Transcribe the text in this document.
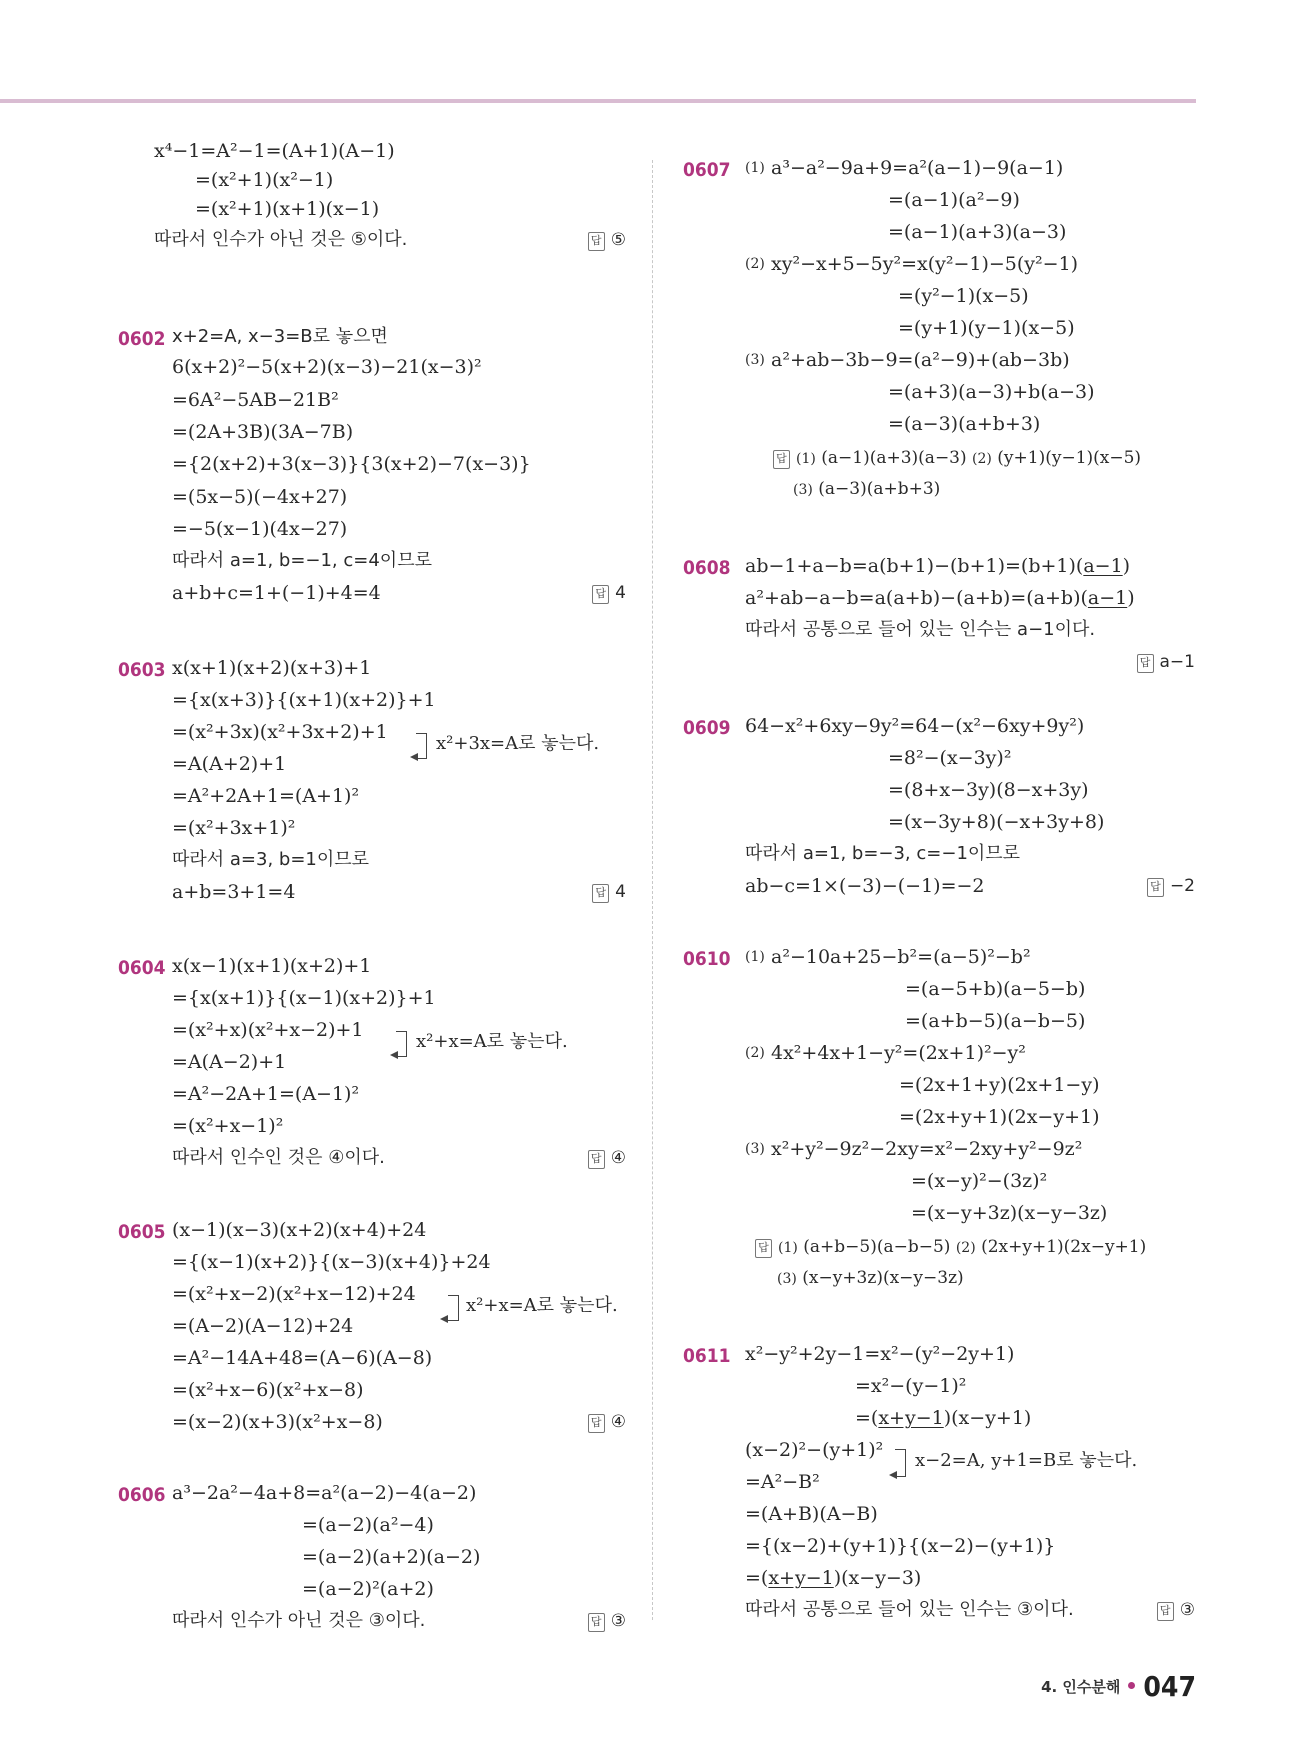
x⁴−1=A²−1=(A+1)(A−1)
=(x²+1)(x²−1)
=(x²+1)(x+1)(x−1)
따라서 인수가 아닌 것은 ⑤이다.	답 ⑤
0602 x+2=A, x−3=B로 놓으면
6(x+2)²−5(x+2)(x−3)−21(x−3)²
=6A²−5AB−21B²
=(2A+3B)(3A−7B)
={2(x+2)+3(x−3)}{3(x+2)−7(x−3)}
=(5x−5)(−4x+27)
=−5(x−1)(4x−27)
따라서 a=1, b=−1, c=4이므로
a+b+c=1+(−1)+4=4	답 4
0603 x(x+1)(x+2)(x+3)+1
={x(x+3)}{(x+1)(x+2)}+1
=(x²+3x)(x²+3x+2)+1
=A(A+2)+1
=A²+2A+1=(A+1)²
=(x²+3x+1)²
따라서 a=3, b=1이므로
a+b=3+1=4
x²+3x=A로 놓는다.
답 4
0604 x(x−1)(x+1)(x+2)+1
={x(x+1)}{(x−1)(x+2)}+1
=(x²+x)(x²+x−2)+1
=A(A−2)+1
=A²−2A+1=(A−1)²
=(x²+x−1)²
따라서 인수인 것은 ④이다.
x²+x=A로 놓는다.
답 ④
0605 (x−1)(x−3)(x+2)(x+4)+24
={(x−1)(x+2)}{(x−3)(x+4)}+24
=(x²+x−2)(x²+x−12)+24
=(A−2)(A−12)+24
=A²−14A+48=(A−6)(A−8)
=(x²+x−6)(x²+x−8)
=(x−2)(x+3)(x²+x−8)
x²+x=A로 놓는다.
답 ④
0606 a³−2a²−4a+8=a²(a−2)−4(a−2)
=(a−2)(a²−4)
=(a−2)(a+2)(a−2)
=(a−2)²(a+2)
따라서 인수가 아닌 것은 ③이다.	답 ③
0607 (1) a³−a²−9a+9=a²(a−1)−9(a−1)
=(a−1)(a²−9)
=(a−1)(a+3)(a−3)
(2) xy²−x+5−5y²=x(y²−1)−5(y²−1)
=(y²−1)(x−5)
=(y+1)(y−1)(x−5)
(3) a²+ab−3b−9=(a²−9)+(ab−3b)
=(a+3)(a−3)+b(a−3)
=(a−3)(a+b+3)
답 (1) (a−1)(a+3)(a−3) (2) (y+1)(y−1)(x−5)
(3) (a−3)(a+b+3)
0608 ab−1+a−b=a(b+1)−(b+1)=(b+1)(a−1)
a²+ab−a−b=a(a+b)−(a+b)=(a+b)(a−1)
따라서 공통으로 들어 있는 인수는 a−1이다.
답 a−1
0609 64−x²+6xy−9y²=64−(x²−6xy+9y²)
=8²−(x−3y)²
=(8+x−3y)(8−x+3y)
=(x−3y+8)(−x+3y+8)
따라서 a=1, b=−3, c=−1이므로
ab−c=1×(−3)−(−1)=−2	답 −2
0610 (1) a²−10a+25−b²=(a−5)²−b²
=(a−5+b)(a−5−b)
=(a+b−5)(a−b−5)
(2) 4x²+4x+1−y²=(2x+1)²−y²
=(2x+1+y)(2x+1−y)
=(2x+y+1)(2x−y+1)
(3) x²+y²−9z²−2xy=x²−2xy+y²−9z²
=(x−y)²−(3z)²
=(x−y+3z)(x−y−3z)
답 (1) (a+b−5)(a−b−5) (2) (2x+y+1)(2x−y+1)
(3) (x−y+3z)(x−y−3z)
0611 x²−y²+2y−1=x²−(y²−2y+1)
=x²−(y−1)²
=(x+y−1)(x−y+1)
(x−2)²−(y+1)²
=A²−B²
=(A+B)(A−B)
={(x−2)+(y+1)}{(x−2)−(y+1)}
=(x+y−1)(x−y−3)
따라서 공통으로 들어 있는 인수는 ③이다.
x−2=A, y+1=B로 놓는다.
답 ③
$^{4. 인수분해}$ 047
